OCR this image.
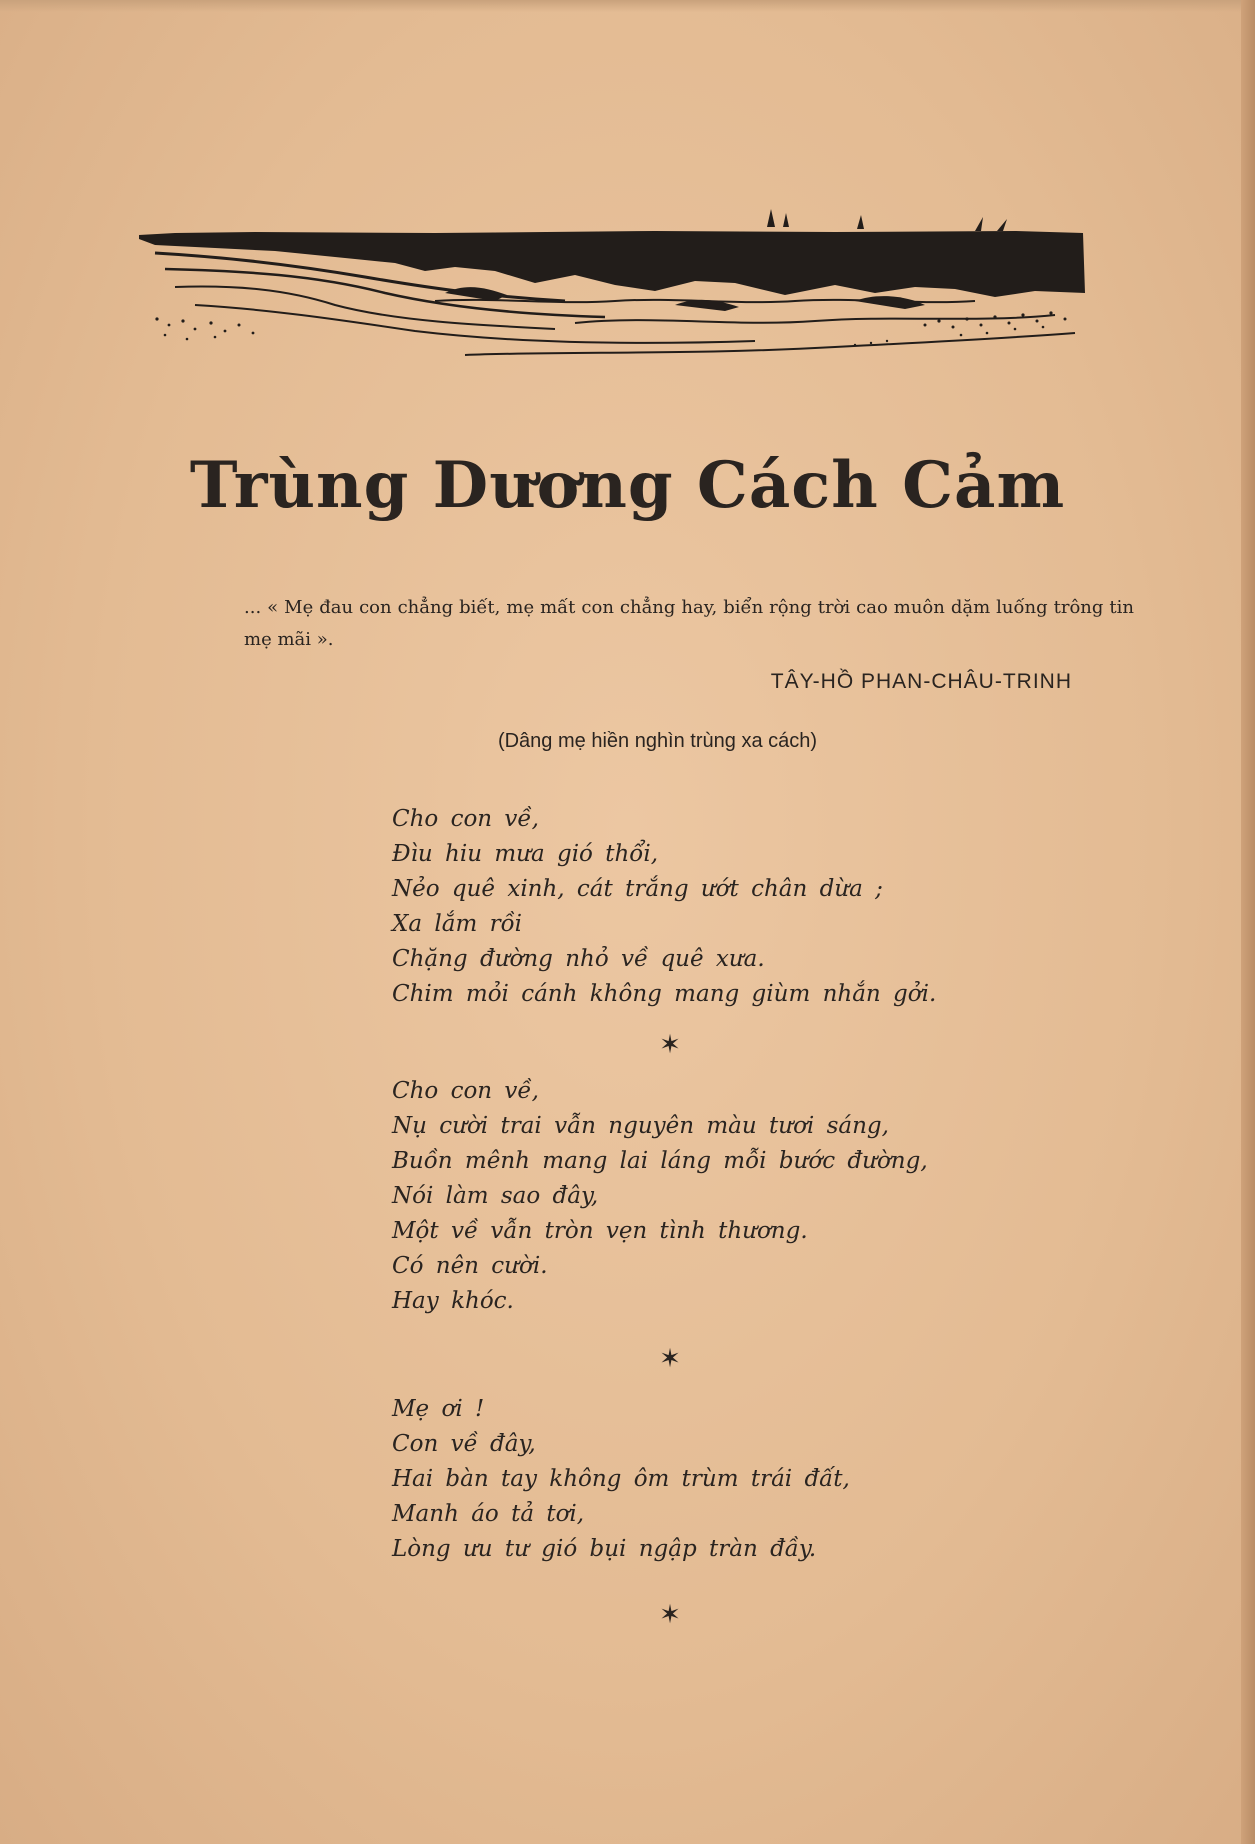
Trùng Dương Cách Cảm
... « Mẹ đau con chẳng biết, mẹ mất con chẳng hay, biển rộng trời cao muôn dặm luống trông tin mẹ mãi ».
TÂY-HỒ PHAN-CHÂU-TRINH
(Dâng mẹ hiền nghìn trùng xa cách)
Cho con về,
Đìu hiu mưa gió thổi,
Nẻo quê xinh, cát trắng ướt chân dừa ;
Xa lắm rồi
Chặng đường nhỏ về quê xưa.
Chim mỏi cánh không mang giùm nhắn gởi.
✶
Cho con về,
Nụ cười trai vẫn nguyên màu tươi sáng,
Buồn mênh mang lai láng mỗi bước đường,
Nói làm sao đây,
Một về vẫn tròn vẹn tình thương.
Có nên cười.
Hay khóc.
✶
Mẹ ơi !
Con về đây,
Hai bàn tay không ôm trùm trái đất,
Manh áo tả tơi,
Lòng ưu tư gió bụi ngập tràn đầy.
✶
